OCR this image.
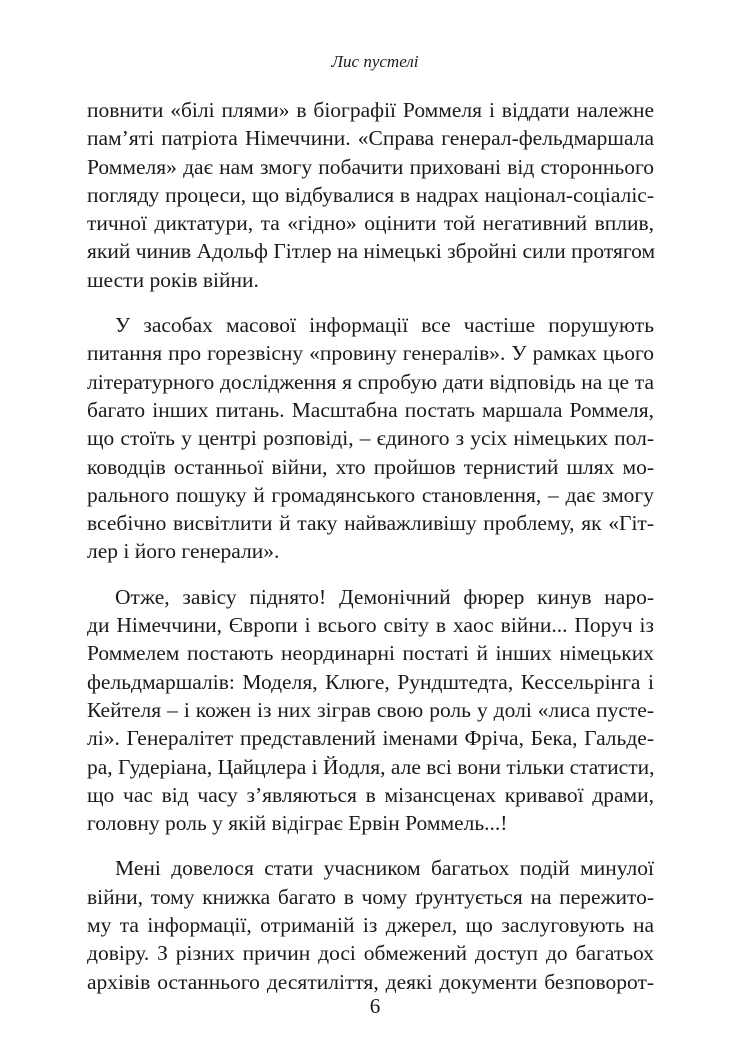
Лис пустелі
повнити «білі плями» в біографії Роммеля і віддати належне
пам’яті патріота Німеччини. «Справа генерал-фельдмаршала
Роммеля» дає нам змогу побачити приховані від стороннього
погляду процеси, що відбувалися в надрах націонал-соціаліс-
тичної диктатури, та «гідно» оцінити той негативний вплив,
який чинив Адольф Гітлер на німецькі збройні сили протягом
шести років війни.
У засобах масової інформації все частіше порушують
питання про горезвісну «провину генералів». У рамках цього
літературного дослідження я спробую дати відповідь на це та
багато інших питань. Масштабна постать маршала Роммеля,
що стоїть у центрі розповіді, – єдиного з усіх німецьких пол-
ководців останньої війни, хто пройшов тернистий шлях мо-
рального пошуку й громадянського становлення, – дає змогу
всебічно висвітлити й таку найважливішу проблему, як «Гіт-
лер і його генерали».
Отже, завісу піднято! Демонічний фюрер кинув наро-
ди Німеччини, Європи і всього світу в хаос війни... Поруч із
Роммелем постають неординарні постаті й інших німецьких
фельдмаршалів: Моделя, Клюге, Рундштедта, Кессельрінга і
Кейтеля – і кожен із них зіграв свою роль у долі «лиса пусте-
лі». Генералітет представлений іменами Фріча, Бека, Гальде-
ра, Гудеріана, Цайцлера і Йодля, але всі вони тільки статисти,
що час від часу з’являються в мізансценах кривавої драми,
головну роль у якій відіграє Ервін Роммель...!
Мені довелося стати учасником багатьох подій минулої
війни, тому книжка багато в чому ґрунтується на пережито-
му та інформації, отриманій із джерел, що заслуговують на
довіру. З різних причин досі обмежений доступ до багатьох
архівів останнього десятиліття, деякі документи безповорот-
6
